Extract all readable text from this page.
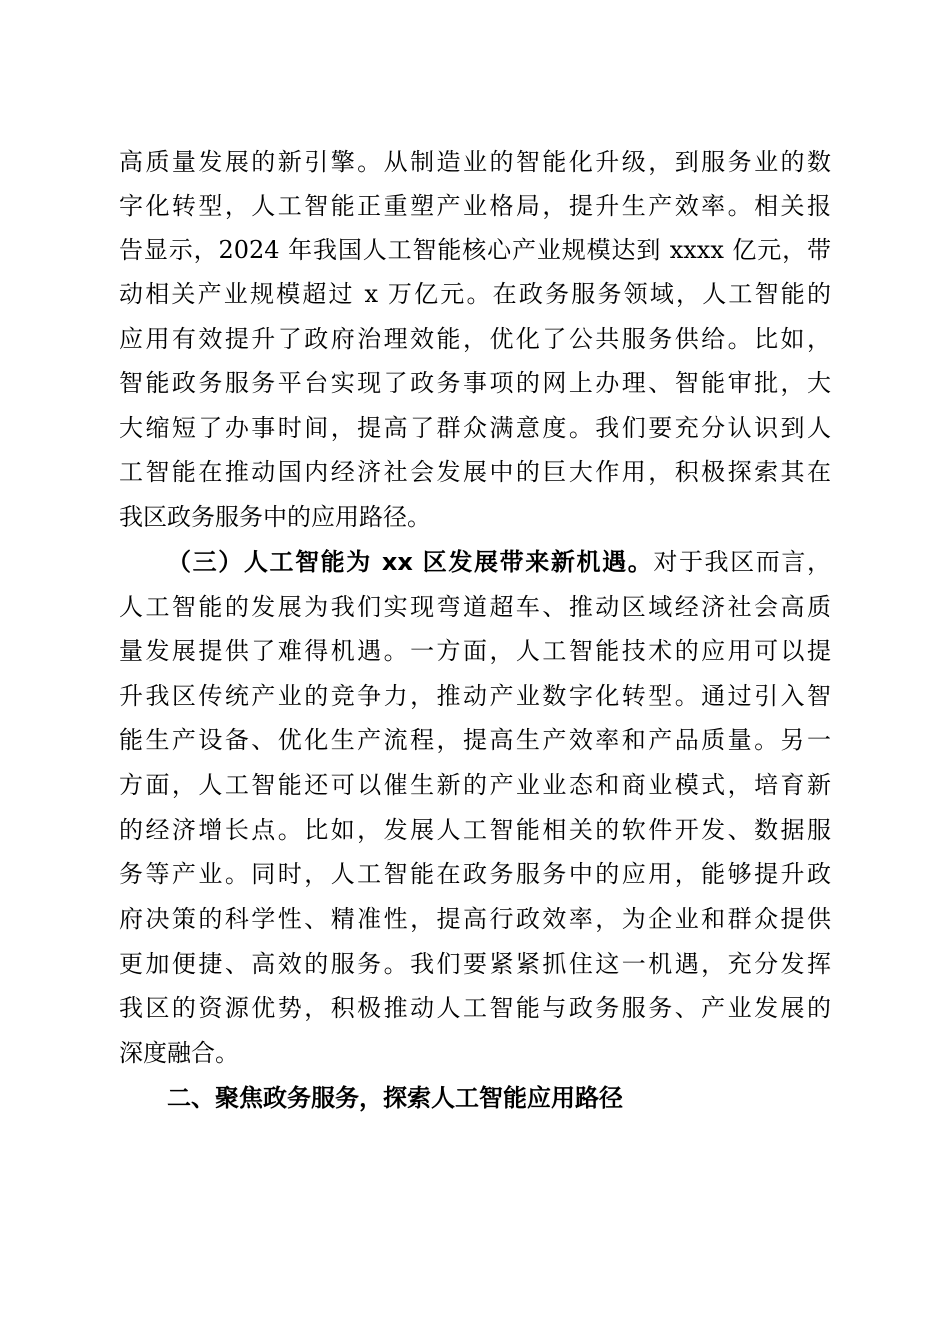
高质量发展的新引擎。从制造业的智能化升级，到服务业的数
字化转型，人工智能正重塑产业格局，提升生产效率。相关报
告显示，2024 年我国人工智能核心产业规模达到 xxxx 亿元，带
动相关产业规模超过 x 万亿元。在政务服务领域，人工智能的
应用有效提升了政府治理效能，优化了公共服务供给。比如，
智能政务服务平台实现了政务事项的网上办理、智能审批，大
大缩短了办事时间，提高了群众满意度。我们要充分认识到人
工智能在推动国内经济社会发展中的巨大作用，积极探索其在
我区政务服务中的应用路径。
（三）人工智能为 xx 区发展带来新机遇。对于我区而言，
人工智能的发展为我们实现弯道超车、推动区域经济社会高质
量发展提供了难得机遇。一方面，人工智能技术的应用可以提
升我区传统产业的竞争力，推动产业数字化转型。通过引入智
能生产设备、优化生产流程，提高生产效率和产品质量。另一
方面，人工智能还可以催生新的产业业态和商业模式，培育新
的经济增长点。比如，发展人工智能相关的软件开发、数据服
务等产业。同时，人工智能在政务服务中的应用，能够提升政
府决策的科学性、精准性，提高行政效率，为企业和群众提供
更加便捷、高效的服务。我们要紧紧抓住这一机遇，充分发挥
我区的资源优势，积极推动人工智能与政务服务、产业发展的
深度融合。
二、聚焦政务服务，探索人工智能应用路径
